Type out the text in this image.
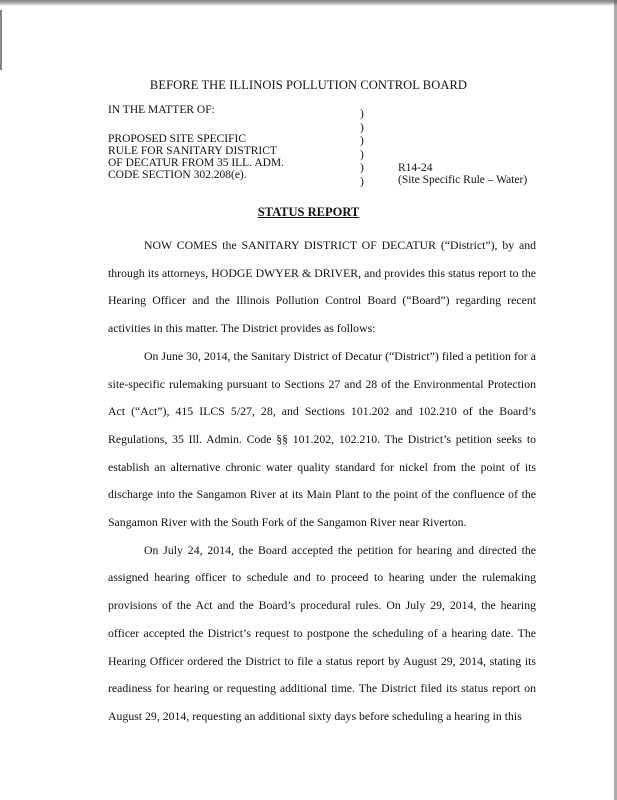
BEFORE THE ILLINOIS POLLUTION CONTROL BOARD
IN THE MATTER OF:
PROPOSED SITE SPECIFIC
RULE FOR SANITARY DISTRICT
OF DECATUR FROM 35 ILL. ADM.
CODE SECTION 302.208(e).
)
)
)
)
)
)
R14-24
(Site Specific Rule – Water)
STATUS REPORT

NOW COMES the SANITARY DISTRICT OF DECATUR (“District”), by and through its attorneys, HODGE DWYER & DRIVER, and provides this status report to the Hearing Officer and the Illinois Pollution Control Board (“Board”) regarding recent activities in this matter. The District provides as follows:

On June 30, 2014, the Sanitary District of Decatur (“District”) filed a petition for a site-specific rulemaking pursuant to Sections 27 and 28 of the Environmental Protection Act (“Act”), 415 ILCS 5/27, 28, and Sections 101.202 and 102.210 of the Board’s Regulations, 35 Ill. Admin. Code §§ 101.202, 102.210. The District’s petition seeks to establish an alternative chronic water quality standard for nickel from the point of its discharge into the Sangamon River at its Main Plant to the point of the confluence of the Sangamon River with the South Fork of the Sangamon River near Riverton.

On July 24, 2014, the Board accepted the petition for hearing and directed the assigned hearing officer to schedule and to proceed to hearing under the rulemaking provisions of the Act and the Board’s procedural rules. On July 29, 2014, the hearing officer accepted the District’s request to postpone the scheduling of a hearing date. The Hearing Officer ordered the District to file a status report by August 29, 2014, stating its readiness for hearing or requesting additional time. The District filed its status report on August 29, 2014, requesting an additional sixty days before scheduling a hearing in this
